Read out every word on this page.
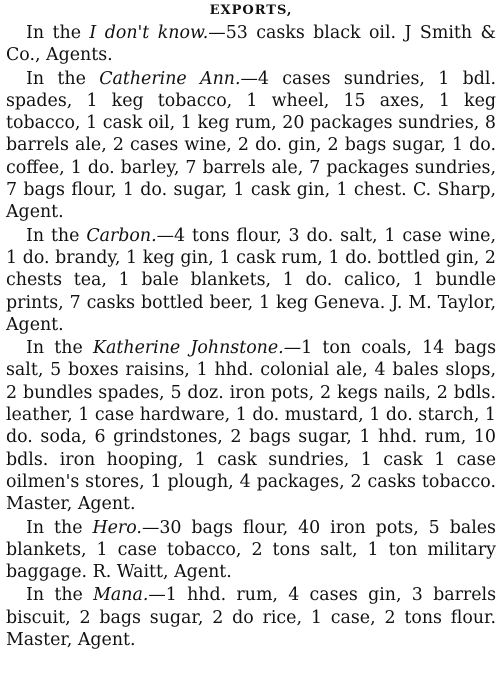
EXPORTS,

In the I don't know.—53 casks black oil. J Smith & Co., Agents.

In the Catherine Ann.—4 cases sundries, 1 bdl. spades, 1 keg tobacco, 1 wheel, 15 axes, 1 keg tobacco, 1 cask oil, 1 keg rum, 20 packages sundries, 8 barrels ale, 2 cases wine, 2 do. gin, 2 bags sugar, 1 do. coffee, 1 do. barley, 7 barrels ale, 7 packages sundries, 7 bags flour, 1 do. sugar, 1 cask gin, 1 chest. C. Sharp, Agent.

In the Carbon.—4 tons flour, 3 do. salt, 1 case wine, 1 do. brandy, 1 keg gin, 1 cask rum, 1 do. bottled gin, 2 chests tea, 1 bale blankets, 1 do. calico, 1 bundle prints, 7 casks bottled beer, 1 keg Geneva. J. M. Taylor, Agent.

In the Katherine Johnstone.—1 ton coals, 14 bags salt, 5 boxes raisins, 1 hhd. colonial ale, 4 bales slops, 2 bundles spades, 5 doz. iron pots, 2 kegs nails, 2 bdls. leather, 1 case hardware, 1 do. mustard, 1 do. starch, 1 do. soda, 6 grindstones, 2 bags sugar, 1 hhd. rum, 10 bdls. iron hooping, 1 cask sundries, 1 cask 1 case oilmen's stores, 1 plough, 4 packages, 2 casks tobacco. Master, Agent.

In the Hero.—30 bags flour, 40 iron pots, 5 bales blankets, 1 case tobacco, 2 tons salt, 1 ton military baggage. R. Waitt, Agent.

In the Mana.—1 hhd. rum, 4 cases gin, 3 barrels biscuit, 2 bags sugar, 2 do rice, 1 case, 2 tons flour. Master, Agent.
